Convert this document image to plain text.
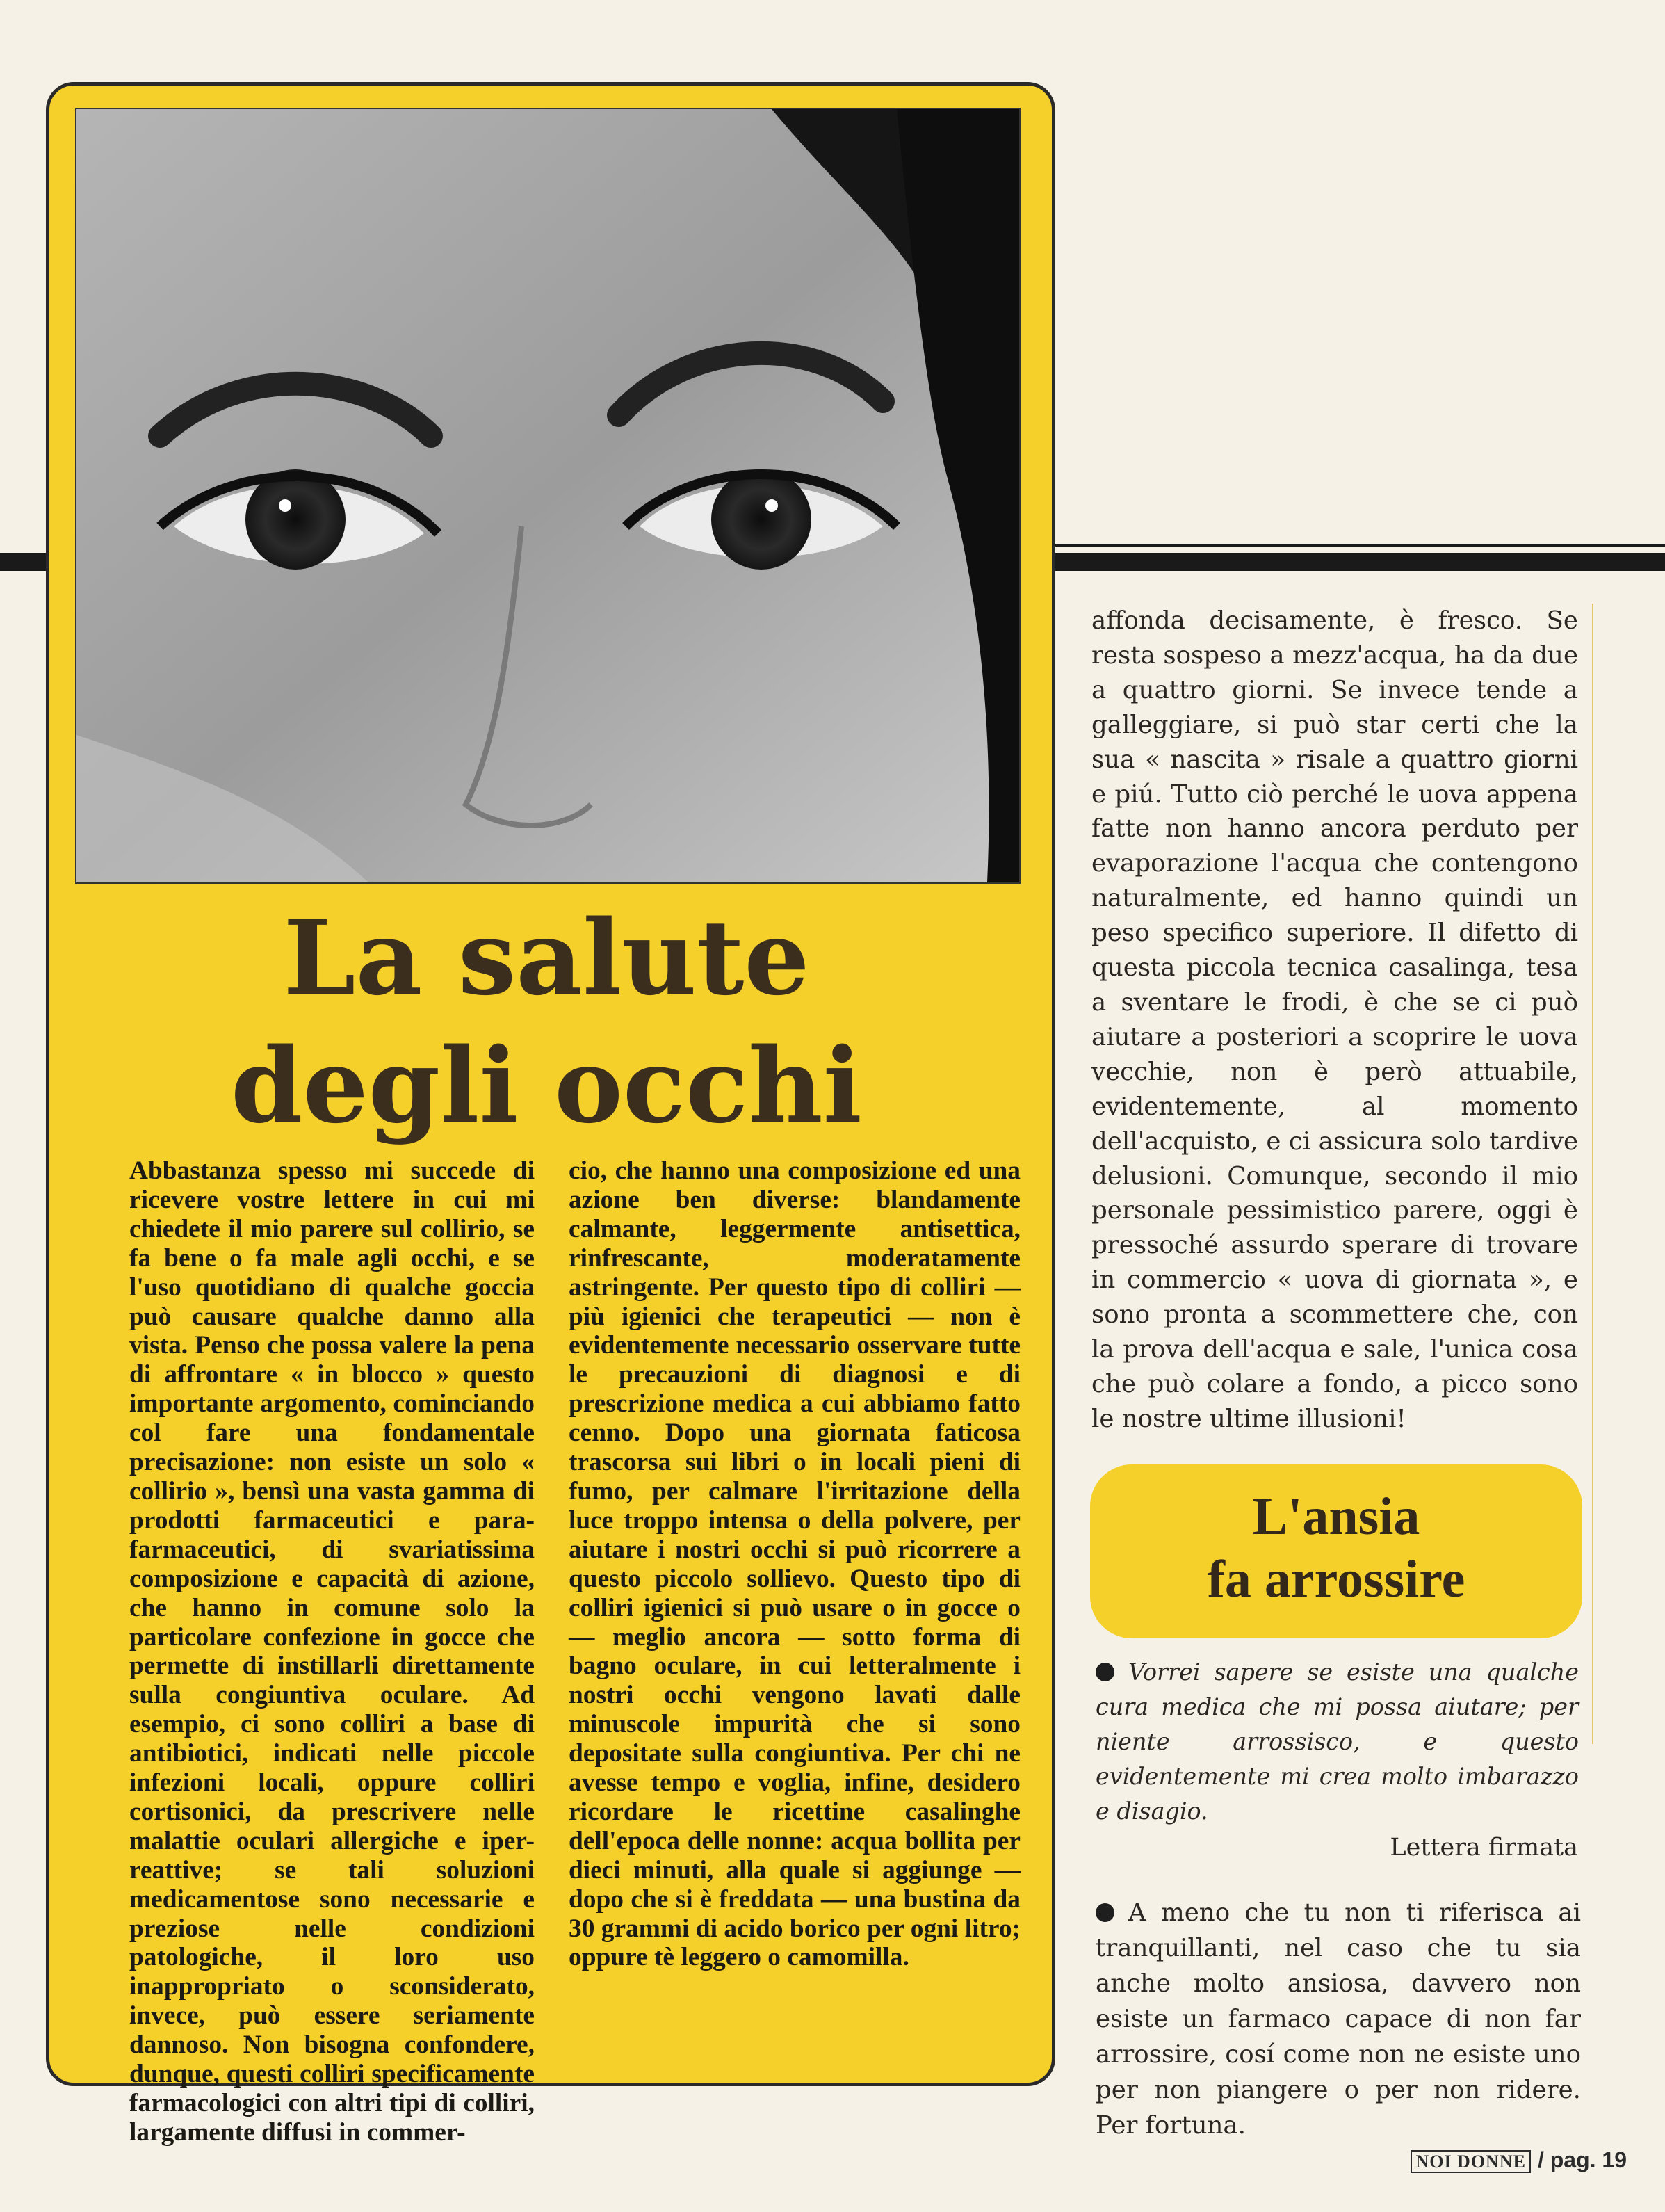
La salute
degli occhi

Abbastanza spesso mi succede di ricevere vostre lettere in cui mi chiedete il mio parere sul collirio, se fa bene o fa male agli occhi, e se l'uso quotidiano di qualche goccia può causare qualche danno alla vista. Penso che possa valere la pena di affrontare « in blocco » questo importante argomento, cominciando col fare una fondamentale precisazione: non esiste un solo « collirio », bensì una vasta gamma di prodotti farmaceutici e para-farmaceutici, di svariatissima composizione e capacità di azione, che hanno in comune solo la particolare confezione in gocce che permette di instillarli direttamente sulla congiuntiva oculare. Ad esempio, ci sono colliri a base di antibiotici, indicati nelle piccole infezioni locali, oppure colliri cortisonici, da prescrivere nelle malattie oculari allergiche e iper-reattive; se tali soluzioni medicamentose sono necessarie e preziose nelle condizioni patologiche, il loro uso inappropriato o sconsiderato, invece, può essere seriamente dannoso. Non bisogna confondere, dunque, questi colliri specificamente farmacologici con altri tipi di colliri, largamente diffusi in commer-

cio, che hanno una composizione ed una azione ben diverse: blandamente calmante, leggermente antisettica, rinfrescante, moderatamente astringente. Per questo tipo di colliri — più igienici che terapeutici — non è evidentemente necessario osservare tutte le precauzioni di diagnosi e di prescrizione medica a cui abbiamo fatto cenno. Dopo una giornata faticosa trascorsa sui libri o in locali pieni di fumo, per calmare l'irritazione della luce troppo intensa o della polvere, per aiutare i nostri occhi si può ricorrere a questo piccolo sollievo. Questo tipo di colliri igienici si può usare o in gocce o — meglio ancora — sotto forma di bagno oculare, in cui letteralmente i nostri occhi vengono lavati dalle minuscole impurità che si sono depositate sulla congiuntiva. Per chi ne avesse tempo e voglia, infine, desidero ricordare le ricettine casalinghe dell'epoca delle nonne: acqua bollita per dieci minuti, alla quale si aggiunge — dopo che si è freddata — una bustina da 30 grammi di acido borico per ogni litro; oppure tè leggero o camomilla.

affonda decisamente, è fresco. Se resta sospeso a mezz'acqua, ha da due a quattro giorni. Se invece tende a galleggiare, si può star certi che la sua « nascita » risale a quattro giorni e piú. Tutto ciò perché le uova appena fatte non hanno ancora perduto per evaporazione l'acqua che contengono naturalmente, ed hanno quindi un peso specifico superiore. Il difetto di questa piccola tecnica casalinga, tesa a sventare le frodi, è che se ci può aiutare a posteriori a scoprire le uova vecchie, non è però attuabile, evidentemente, al momento dell'acquisto, e ci assicura solo tardive delusioni. Comunque, secondo il mio personale pessimistico parere, oggi è pressoché assurdo sperare di trovare in commercio « uova di giornata », e sono pronta a scommettere che, con la prova dell'acqua e sale, l'unica cosa che può colare a fondo, a picco sono le nostre ultime illusioni!

L'ansia
fa arrossire
Vorrei sapere se esiste una qualche cura medica che mi possa aiutare; per niente arrossisco, e questo evidentemente mi crea molto imbarazzo e disagio.
Lettera firmata
A meno che tu non ti riferisca ai tranquillanti, nel caso che tu sia anche molto ansiosa, davvero non esiste un farmaco capace di non far arrossire, cosí come non ne esiste uno per non piangere o per non ridere. Per fortuna.
NOI DONNE / pag. 19
